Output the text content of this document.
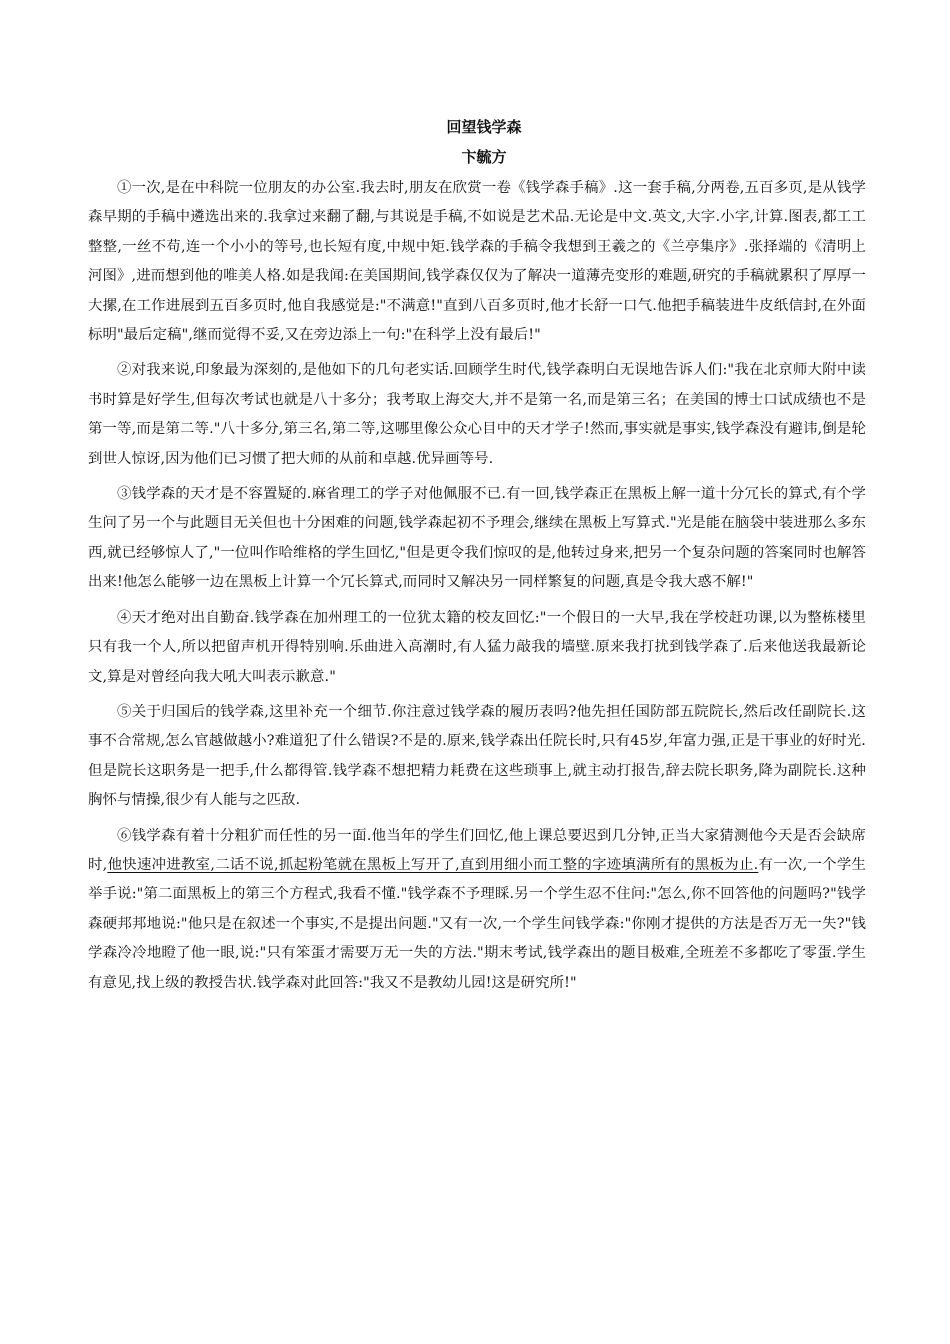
回望钱学森
卞毓方

①一次,是在中科院一位朋友的办公室.我去时,朋友在欣赏一卷《钱学森手稿》.这一套手稿,分两卷,五百多页,是从钱学森早期的手稿中遴选出来的.我拿过来翻了翻,与其说是手稿,不如说是艺术品.无论是中文.英文,大字.小字,计算.图表,都工工整整,一丝不苟,连一个小小的等号,也长短有度,中规中矩.钱学森的手稿令我想到王羲之的《兰亭集序》.张择端的《清明上河图》,进而想到他的唯美人格.如是我闻:在美国期间,钱学森仅仅为了解决一道薄壳变形的难题,研究的手稿就累积了厚厚一大摞,在工作进展到五百多页时,他自我感觉是:"不满意!"直到八百多页时,他才长舒一口气.他把手稿装进牛皮纸信封,在外面标明"最后定稿",继而觉得不妥,又在旁边添上一句:"在科学上没有最后!"

②对我来说,印象最为深刻的,是他如下的几句老实话.回顾学生时代,钱学森明白无误地告诉人们:"我在北京师大附中读书时算是好学生,但每次考试也就是八十多分；我考取上海交大,并不是第一名,而是第三名；在美国的博士口试成绩也不是第一等,而是第二等."八十多分,第三名,第二等,这哪里像公众心目中的天才学子!然而,事实就是事实,钱学森没有避讳,倒是轮到世人惊讶,因为他们已习惯了把大师的从前和卓越.优异画等号.

③钱学森的天才是不容置疑的.麻省理工的学子对他佩服不已.有一回,钱学森正在黑板上解一道十分冗长的算式,有个学生问了另一个与此题目无关但也十分困难的问题,钱学森起初不予理会,继续在黑板上写算式."光是能在脑袋中装进那么多东西,就已经够惊人了,"一位叫作哈维格的学生回忆,"但是更令我们惊叹的是,他转过身来,把另一个复杂问题的答案同时也解答出来!他怎么能够一边在黑板上计算一个冗长算式,而同时又解决另一同样繁复的问题,真是令我大惑不解!"

④天才绝对出自勤奋.钱学森在加州理工的一位犹太籍的校友回忆:"一个假日的一大早,我在学校赶功课,以为整栋楼里只有我一个人,所以把留声机开得特别响.乐曲进入高潮时,有人猛力敲我的墙壁.原来我打扰到钱学森了.后来他送我最新论文,算是对曾经向我大吼大叫表示歉意."

⑤关于归国后的钱学森,这里补充一个细节.你注意过钱学森的履历表吗?他先担任国防部五院院长,然后改任副院长.这事不合常规,怎么官越做越小?难道犯了什么错误?不是的.原来,钱学森出任院长时,只有45岁,年富力强,正是干事业的好时光.但是院长这职务是一把手,什么都得管.钱学森不想把精力耗费在这些琐事上,就主动打报告,辞去院长职务,降为副院长.这种胸怀与情操,很少有人能与之匹敌.

⑥钱学森有着十分粗犷而任性的另一面.他当年的学生们回忆,他上课总要迟到几分钟,正当大家猜测他今天是否会缺席时,他快速冲进教室,二话不说,抓起粉笔就在黑板上写开了,直到用细小而工整的字迹填满所有的黑板为止.有一次,一个学生举手说:"第二面黑板上的第三个方程式,我看不懂."钱学森不予理睬.另一个学生忍不住问:"怎么,你不回答他的问题吗?"钱学森硬邦邦地说:"他只是在叙述一个事实,不是提出问题."又有一次,一个学生问钱学森:"你刚才提供的方法是否万无一失?"钱学森冷冷地瞪了他一眼,说:"只有笨蛋才需要万无一失的方法."期末考试,钱学森出的题目极难,全班差不多都吃了零蛋.学生有意见,找上级的教授告状.钱学森对此回答:"我又不是教幼儿园!这是研究所!"
